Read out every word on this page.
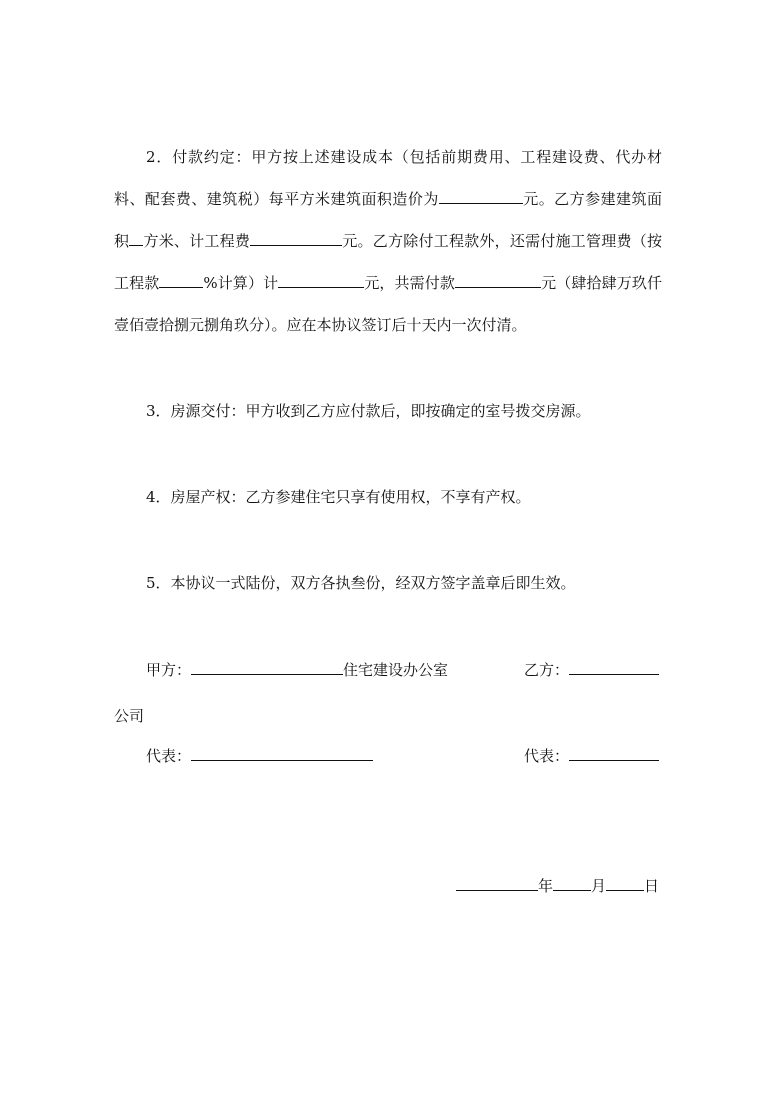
2．付款约定：甲方按上述建设成本（包括前期费用、工程建设费、代办材料、配套费、建筑税）每平方米建筑面积造价为	元。乙方参建建筑面积 方米、计工程费	元。乙方除付工程款外，还需付施工管理费（按工程款	%计算）计	元，共需付款	元（肆拾肆万玖仟壹佰壹拾捌元捌角玖分）。应在本协议签订后十天内一次付清。

3．房源交付：甲方收到乙方应付款后，即按确定的室号拨交房源。

4．房屋产权：乙方参建住宅只享有使用权，不享有产权。

5．本协议一式陆份，双方各执叁份，经双方签字盖章后即生效。

甲方：	住宅建设办公室	乙方：
公司
代表：	代表：
年	月	日
